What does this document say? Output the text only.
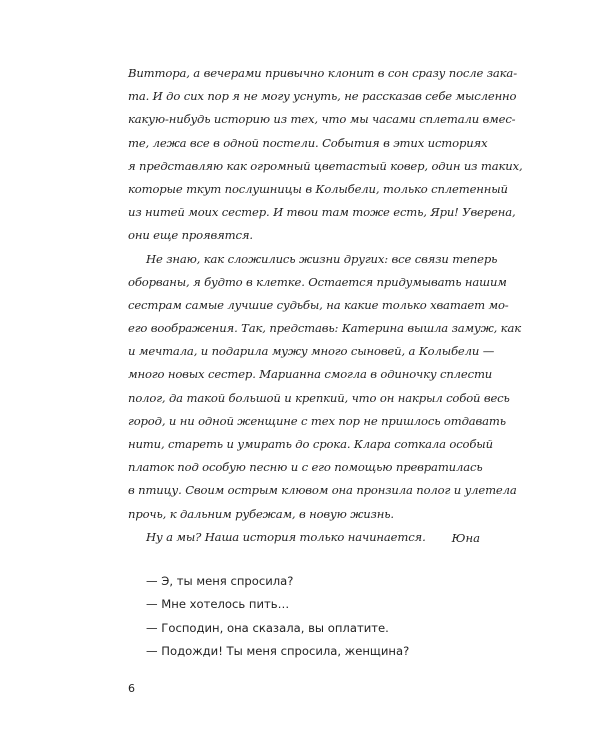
Витторa, а вечерами привычно клонит в сон сразу после зака-
та. И до сих пор я не могу уснуть, не рассказав себе мысленно
какую-нибудь историю из тех, что мы часами сплетали вмес-
те, лежа все в одной постели. События в этих историях
я представляю как огромный цветастый ковер, один из таких,
которые ткут послушницы в Колыбели, только сплетенный
из нитей моих сестер. И твои там тоже есть, Яри! Уверена,
они еще проявятся.
Не знаю, как сложились жизни других: все связи теперь
оборваны, я будто в клетке. Остается придумывать нашим
сестрам самые лучшие судьбы, на какие только хватает мо-
его воображения. Так, представь: Катерина вышла замуж, как
и мечтала, и подарила мужу много сыновей, а Колыбели —
много новых сестер. Марианна смогла в одиночку сплести
полог, да такой большой и крепкий, что он накрыл собой весь
город, и ни одной женщине с тех пор не пришлось отдавать
нити, стареть и умирать до срока. Клара соткала особый
платок под особую песню и с его помощью превратилась
в птицу. Своим острым клювом она пронзила полог и улетела
прочь, к дальним рубежам, в новую жизнь.
Ну а мы? Наша история только начинается.	Юна
— Э, ты меня спросила?
— Мне хотелось пить…
— Господин, она сказала, вы оплатите.
— Подожди! Ты меня спросила, женщина?
6
